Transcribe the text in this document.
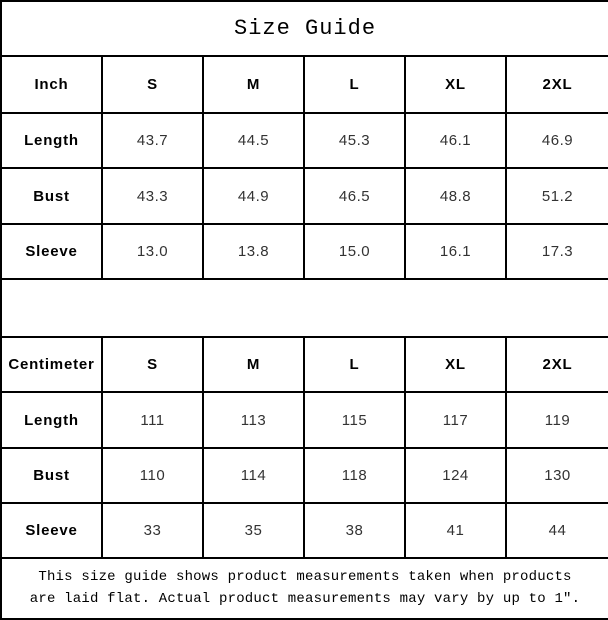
Size Guide					
Inch	S	M	L	XL	2XL
Length	43.7	44.5	45.3	46.1	46.9
Bust	43.3	44.9	46.5	48.8	51.2
Sleeve	13.0	13.8	15.0	16.1	17.3

Centimeter	S	M	L	XL	2XL
Length	111	113	115	117	119
Bust	110	114	118	124	130
Sleeve	33	35	38	41	44

This size guide shows product measurements taken when products
are laid flat. Actual product measurements may vary by up to 1″.					
